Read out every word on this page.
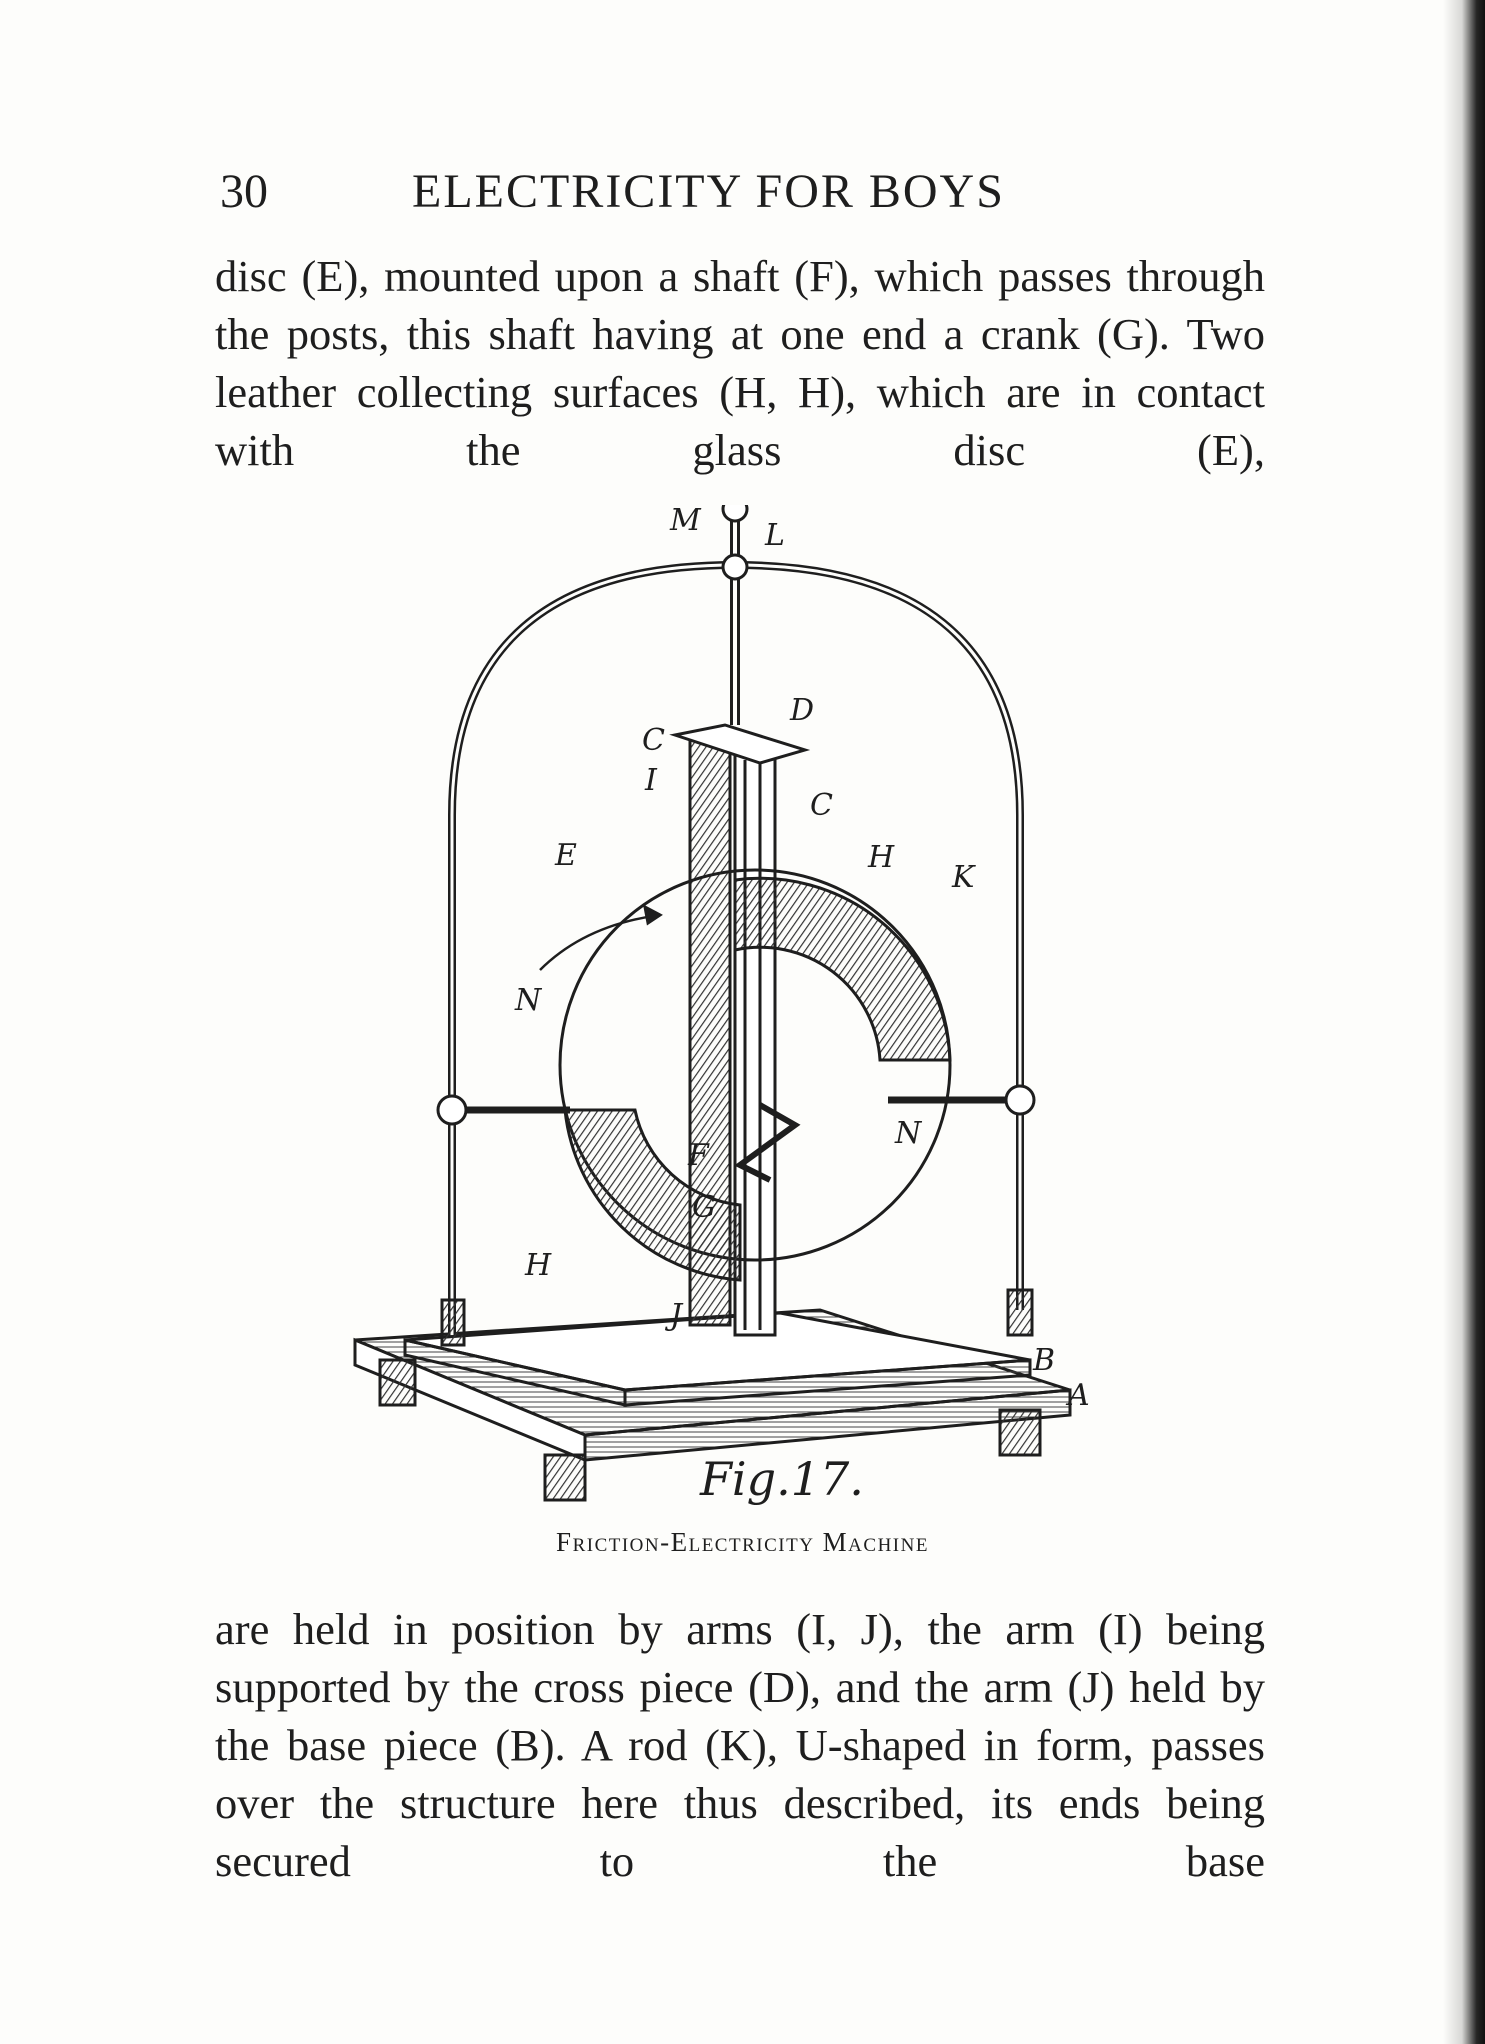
30	ELECTRICITY FOR BOYS

disc (E), mounted upon a shaft (F), which passes through the posts, this shaft having at one end a crank (G). Two leather collecting surfaces (H, H), which are in contact with the glass disc (E),

M L
D
C
I
C
E	H
K
N
N
F
G
H
J
B
A
Fig.17.
Friction-Electricity Machine

are held in position by arms (I, J), the arm (I) being supported by the cross piece (D), and the arm (J) held by the base piece (B). A rod (K), U-shaped in form, passes over the structure here thus described, its ends being secured to the base
